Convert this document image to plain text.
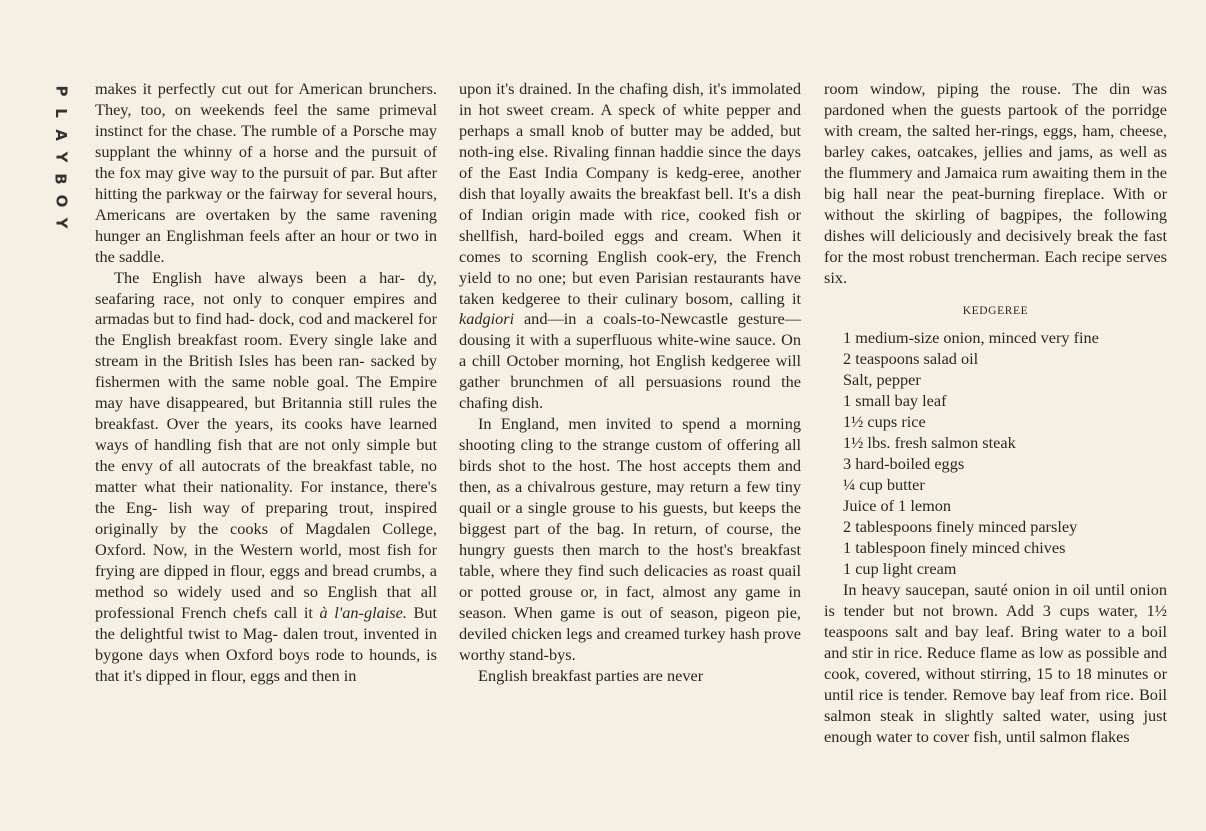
P
L
A
Y
B
O
Y

makes it perfectly cut out for American brunchers. They, too, on weekends feel the same primeval instinct for the chase. The rumble of a Porsche may supplant the whinny of a horse and the pursuit of the fox may give way to the pursuit of par. But after hitting the parkway or the fairway for several hours, Americans are overtaken by the same ravening hunger an Englishman feels after an hour or two in the saddle.

The English have always been a har- dy, seafaring race, not only to conquer empires and armadas but to find had- dock, cod and mackerel for the English breakfast room. Every single lake and stream in the British Isles has been ran- sacked by fishermen with the same noble goal. The Empire may have disappeared, but Britannia still rules the breakfast. Over the years, its cooks have learned ways of handling fish that are not only simple but the envy of all autocrats of the breakfast table, no matter what their nationality. For instance, there's the Eng- lish way of preparing trout, inspired originally by the cooks of Magdalen College, Oxford. Now, in the Western world, most fish for frying are dipped in flour, eggs and bread crumbs, a method so widely used and so English that all professional French chefs call it à l'an-glaise. But the delightful twist to Mag- dalen trout, invented in bygone days when Oxford boys rode to hounds, is that it's dipped in flour, eggs and then in

upon it's drained. In the chafing dish, it's immolated in hot sweet cream. A speck of white pepper and perhaps a small knob of butter may be added, but noth-ing else. Rivaling finnan haddie since the days of the East India Company is kedg-eree, another dish that loyally awaits the breakfast bell. It's a dish of Indian origin made with rice, cooked fish or shellfish, hard-boiled eggs and cream. When it comes to scorning English cook-ery, the French yield to no one; but even Parisian restaurants have taken kedgeree to their culinary bosom, calling it kadgiori and—in a coals-to-Newcastle gesture—dousing it with a superfluous white-wine sauce. On a chill October morning, hot English kedgeree will gather brunchmen of all persuasions round the chafing dish.

In England, men invited to spend a morning shooting cling to the strange custom of offering all birds shot to the host. The host accepts them and then, as a chivalrous gesture, may return a few tiny quail or a single grouse to his guests, but keeps the biggest part of the bag. In return, of course, the hungry guests then march to the host's breakfast table, where they find such delicacies as roast quail or potted grouse or, in fact, almost any game in season. When game is out of season, pigeon pie, deviled chicken legs and creamed turkey hash prove worthy stand-bys.

English breakfast parties are never

room window, piping the rouse. The din was pardoned when the guests partook of the porridge with cream, the salted her-rings, eggs, ham, cheese, barley cakes, oatcakes, jellies and jams, as well as the flummery and Jamaica rum awaiting them in the big hall near the peat-burning fireplace. With or without the skirling of bagpipes, the following dishes will deliciously and decisively break the fast for the most robust trencherman. Each recipe serves six.

KEDGEREE
1 medium-size onion, minced very fine
2 teaspoons salad oil
Salt, pepper
1 small bay leaf
1½ cups rice
1½ lbs. fresh salmon steak
3 hard-boiled eggs
¼ cup butter
Juice of 1 lemon
2 tablespoons finely minced parsley
1 tablespoon finely minced chives
1 cup light cream

In heavy saucepan, sauté onion in oil until onion is tender but not brown. Add 3 cups water, 1½ teaspoons salt and bay leaf. Bring water to a boil and stir in rice. Reduce flame as low as possible and cook, covered, without stirring, 15 to 18 minutes or until rice is tender. Remove bay leaf from rice. Boil salmon steak in slightly salted water, using just enough water to cover fish, until salmon flakes
